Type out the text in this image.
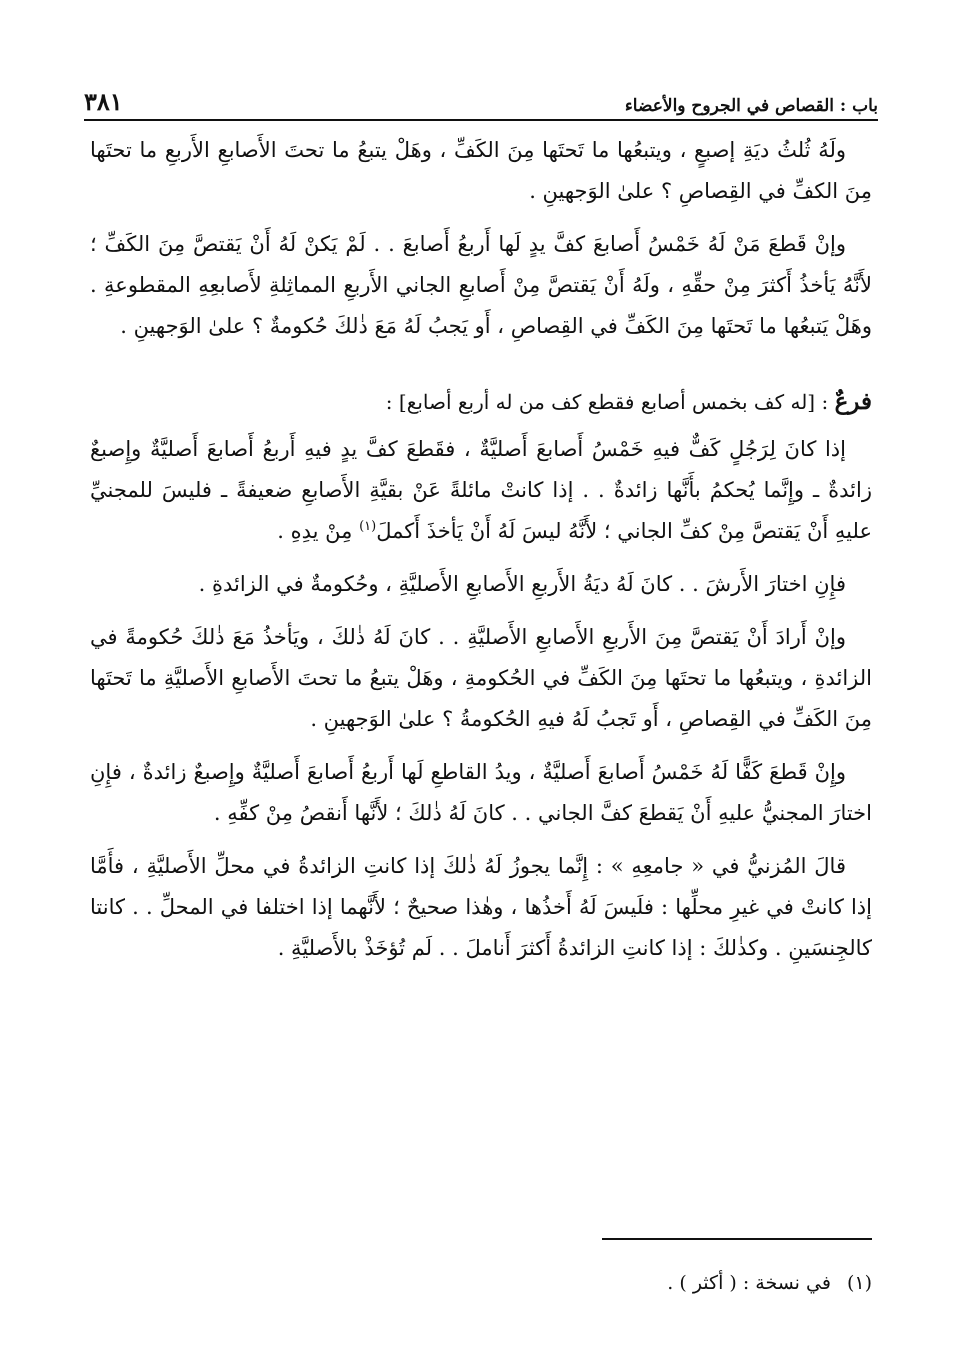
باب : القصاص في الجروح والأعضاء
٣٨١

ولَهُ ثُلثُ ديَةِ إصبعٍ ، ويتبعُها ما تَحتَها مِنَ الكَفِّ ، وهَلْ يتبعُ ما تحتَ الأَصابعِ الأَربعِ ما تحتَها مِنَ الكفِّ في القِصاصِ ؟ علىٰ الوَجهينِ .

وإنْ قَطعَ مَنْ لَهُ خَمْسُ أَصابعَ كفَّ يدٍ لَها أَربعُ أَصابعَ . . لَمْ يَكنْ لَهُ أَنْ يَقتصَّ مِنَ الكَفِّ ؛ لأَنَّهُ يَأخذُ أَكثرَ مِنْ حقِّهِ ، ولَهُ أَنْ يَقتصَّ مِنْ أَصابعِ الجاني الأَربعِ المماثِلةِ لأَصابعِهِ المقطوعةِ . وهَلْ يَتبعُها ما تَحتَها مِنَ الكَفِّ في القِصاصِ ، أَو يَجبُ لَهُ مَعَ ذٰلكَ حُكومةٌ ؟ علىٰ الوَجهينِ .

فرعٌ : [له كف بخمس أصابع فقطع كف من له أربع أصابع] :

إذا كانَ لِرَجُلٍ كَفٌّ فيهِ خَمْسُ أَصابعَ أَصليَّةٌ ، فقَطعَ كفَّ يدٍ فيهِ أَربعُ أَصابعَ أَصليَّةٌ وإِصبعٌ زائدةٌ ـ وإِنَّما يُحكمُ بأَنَّها زائدةٌ . . إذا كانتْ مائلةً عَنْ بقيَّةِ الأَصابعِ ضعيفةً ـ فليسَ للمجنيِّ عليهِ أَنْ يَقتصَّ مِنْ كفِّ الجاني ؛ لأَنَّهُ ليسَ لَهُ أَنْ يَأخذَ أَكملَ$^{(١)}$ مِنْ يدِهِ .

فإِنِ اختارَ الأَرشَ . . كانَ لَهُ ديَةُ الأَربعِ الأَصابعِ الأَصليَّةِ ، وحُكومةٌ في الزائدةِ .

وإنْ أَرادَ أَنْ يَقتصَّ مِنَ الأَربعِ الأَصابعِ الأَصليَّةِ . . كانَ لَهُ ذٰلكَ ، ويَأخذُ مَعَ ذٰلكَ حُكومةً في الزائدةِ ، ويتبعُها ما تحتَها مِنَ الكَفِّ في الحُكومةِ ، وهَلْ يتبعُ ما تحتَ الأَصابعِ الأَصليَّةِ ما تَحتَها مِنَ الكَفِّ في القِصاصِ ، أَو تَجبُ لَهُ فيهِ الحُكومةُ ؟ علىٰ الوَجهينِ .

وإِنْ قَطعَ كَفًّا لَهُ خَمْسُ أَصابعَ أَصليَّةٌ ، ويدُ القاطعِ لَها أَربعُ أَصابعَ أَصليَّةٌ وإِصبعٌ زائدةٌ ، فإِنِ اختارَ المجنيُّ عليهِ أَنْ يَقطعَ كفَّ الجاني . . كانَ لَهُ ذٰلكَ ؛ لأَنَّها أَنقصُ مِنْ كفِّهِ .

قالَ المُزنيُّ في « جامعِهِ » : إِنَّما يجوزُ لَهُ ذٰلكَ إذا كانتِ الزائدةُ في محلِّ الأَصليَّةِ ، فأَمَّا إذا كانتْ في غيرِ محلِّها : فلَيسَ لَهُ أَخذُها ، وهٰذا صحيحٌ ؛ لأَنَّهما إذا اختلفا في المحلِّ . . كانتا كالجِنسَينِ . وكذٰلكَ : إذا كانتِ الزائدةُ أَكثرَ أَناملَ . . لَم تُؤخَذْ بالأَصليَّةِ .

(١)في نسخة : ( أكثر ) .
